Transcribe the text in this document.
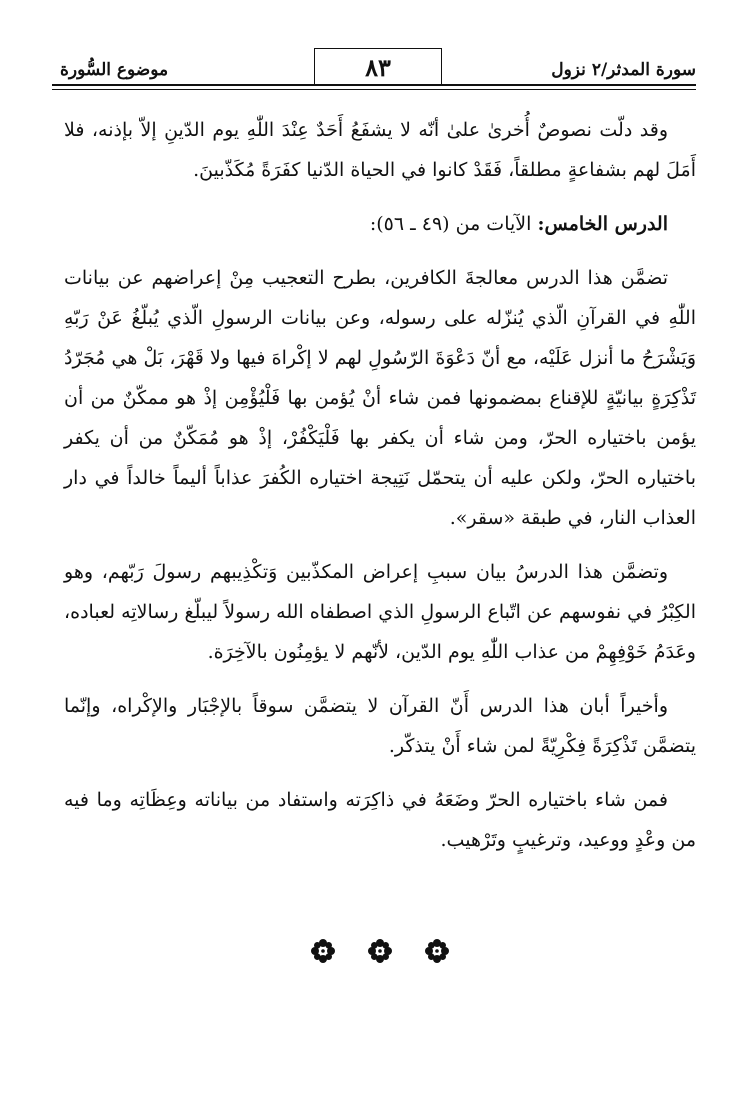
سورة المدثر/٢ نزول
٨٣
موضوع السُّورة

وقد دلّت نصوصٌ أُخرىٰ علىٰ أنّه لا يشفَعُ أَحَدٌ عِنْدَ اللّٰهِ يوم الدّينِ إلاّ بإذنه، فلا أَمَلَ لهم بشفاعةٍ مطلقاً، فَقَدْ كانوا في الحياة الدّنيا كفَرَةً مُكَذّبينَ.

الدرس الخامس: الآيات من (٤٩ ـ ٥٦):

تضمَّن هذا الدرس معالجةَ الكافرين، بطرح التعجيب مِنْ إعراضهم عن بيانات اللّٰهِ في القرآنِ الّذي يُنزّله على رسوله، وعن بيانات الرسولِ الّذي يُبلّغُ عَنْ رَبّهِ وَيَشْرَحُ ما أنزل عَلَيْه، مع أنّ دَعْوَةَ الرّسُولِ لهم لا إكْراهَ فيها ولا قَهْرَ، بَلْ هي مُجَرّدُ تَذْكِرَةٍ بيانيّةٍ للإقناع بمضمونها فمن شاء أنْ يُؤمن بها فَلْيُؤْمِن إذْ هو ممكّنٌ من أن يؤمن باختياره الحرّ، ومن شاء أن يكفر بها فَلْيَكْفُرْ، إذْ هو مُمَكّنٌ من أن يكفر باختياره الحرّ، ولكن عليه أن يتحمّل نَتِيجة اختياره الكُفرَ عذاباً أليماً خالداً في دار العذاب النار، في طبقة «سقر».

وتضمَّن هذا الدرسُ بيان سببِ إعراض المكذّبين وَتكْذِيبهم رسولَ رَبّهم، وهو الكِبْرُ في نفوسهم عن اتّباع الرسولِ الذي اصطفاه الله رسولاً ليبلّغ رسالاتِه لعباده، وعَدَمُ خَوْفِهِمْ من عذاب اللّٰهِ يوم الدّين، لأنّهم لا يؤمِنُون بالآخِرَة.

وأخيراً أبان هذا الدرس أَنّ القرآن لا يتضمَّن سوقاً بالإجْبَار والإكْراه، وإنّما يتضمَّن تَذْكِرَةً فِكْرِيّةً لمن شاء أَنْ يتذكّر.

فمن شاء باختياره الحرّ وضَعَهُ في ذاكِرَته واستفاد من بياناته وعِظَاتِه وما فيه من وعْدٍ ووعيد، وترغيبٍ وتَرْهيب.
